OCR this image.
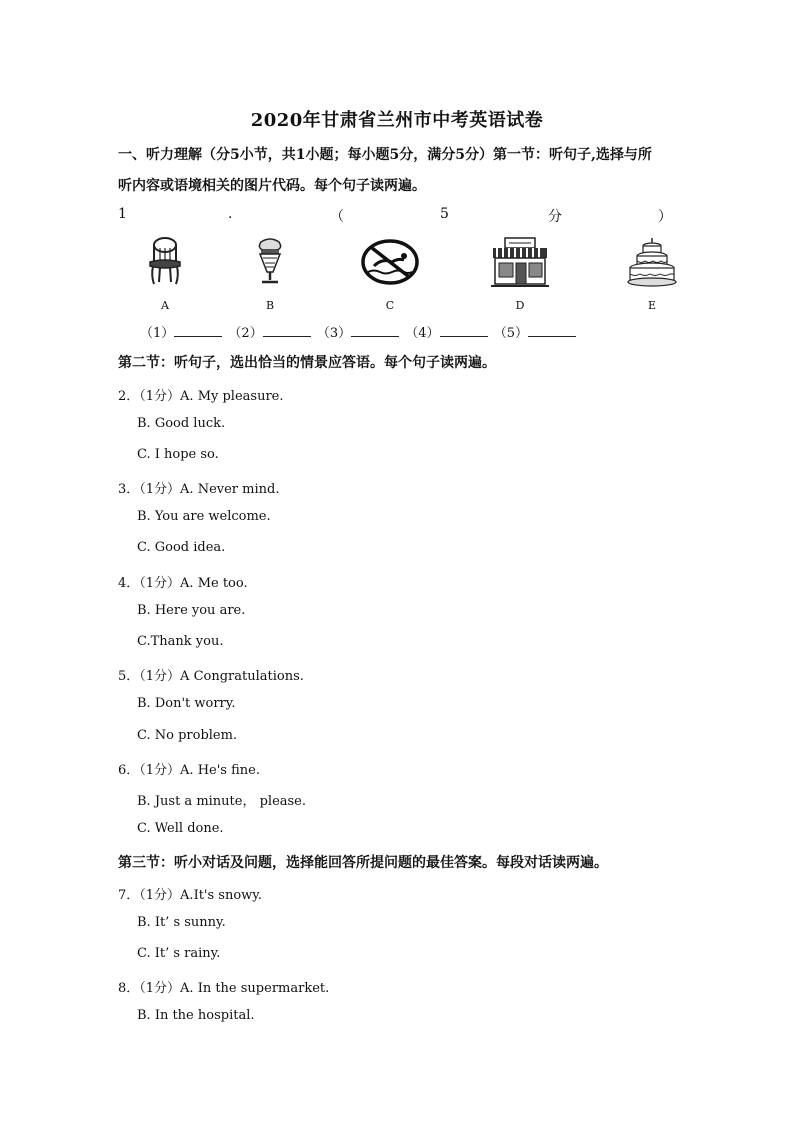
2020年甘肃省兰州市中考英语试卷
一、听力理解（分5小节，共1小题；每小题5分，满分5分）第一节：听句子,选择与所
听内容或语境相关的图片代码。每个句子读两遍。
1	.	（	5	分	）
A	B	C	D	E
（1）	（2）	（3）	（4）	（5）
第二节：听句子，选出恰当的情景应答语。每个句子读两遍。
2．（1分）A. My pleasure.
B. Good luck.
C. I hope so.
3．（1分）A. Never mind.
B. You are welcome.
C. Good idea.
4．（1分）A. Me too.
B. Here you are.
C.Thank you.
5．（1分）A Congratulations.
B. Don't worry.
C. No problem.
6．（1分）A. He's fine.
B. Just a minute， please.
C. Well done.
第三节：听小对话及问题，选择能回答所提问题的最佳答案。每段对话读两遍。
7．（1分）A.It's snowy.
B. It’ s sunny.
C. It’ s rainy.
8．（1分）A. In the supermarket.
B. In the hospital.
